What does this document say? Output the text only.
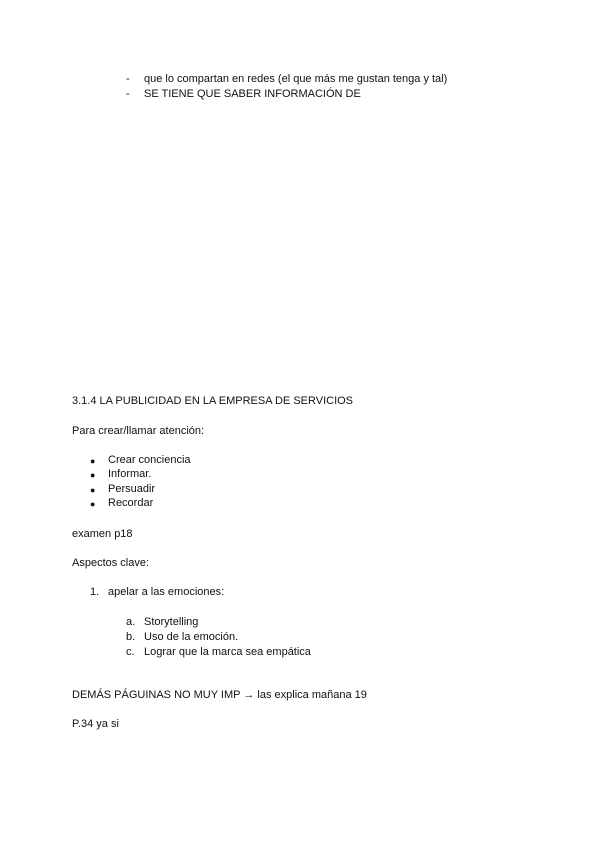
- que lo compartan en redes (el que más me gustan tenga y tal)
- SE TIENE QUE SABER INFORMACIÓN DE
3.1.4 LA PUBLICIDAD EN LA EMPRESA DE SERVICIOS
Para crear/llamar atención:
● Crear conciencia
● Informar.
● Persuadir
● Recordar
examen p18
Aspectos clave:
1. apelar a las emociones:
a. Storytelling
b. Uso de la emoción.
c. Lograr que la marca sea empática
DEMÁS PÁGUINAS NO MUY IMP → las explica mañana 19
P.34 ya si
